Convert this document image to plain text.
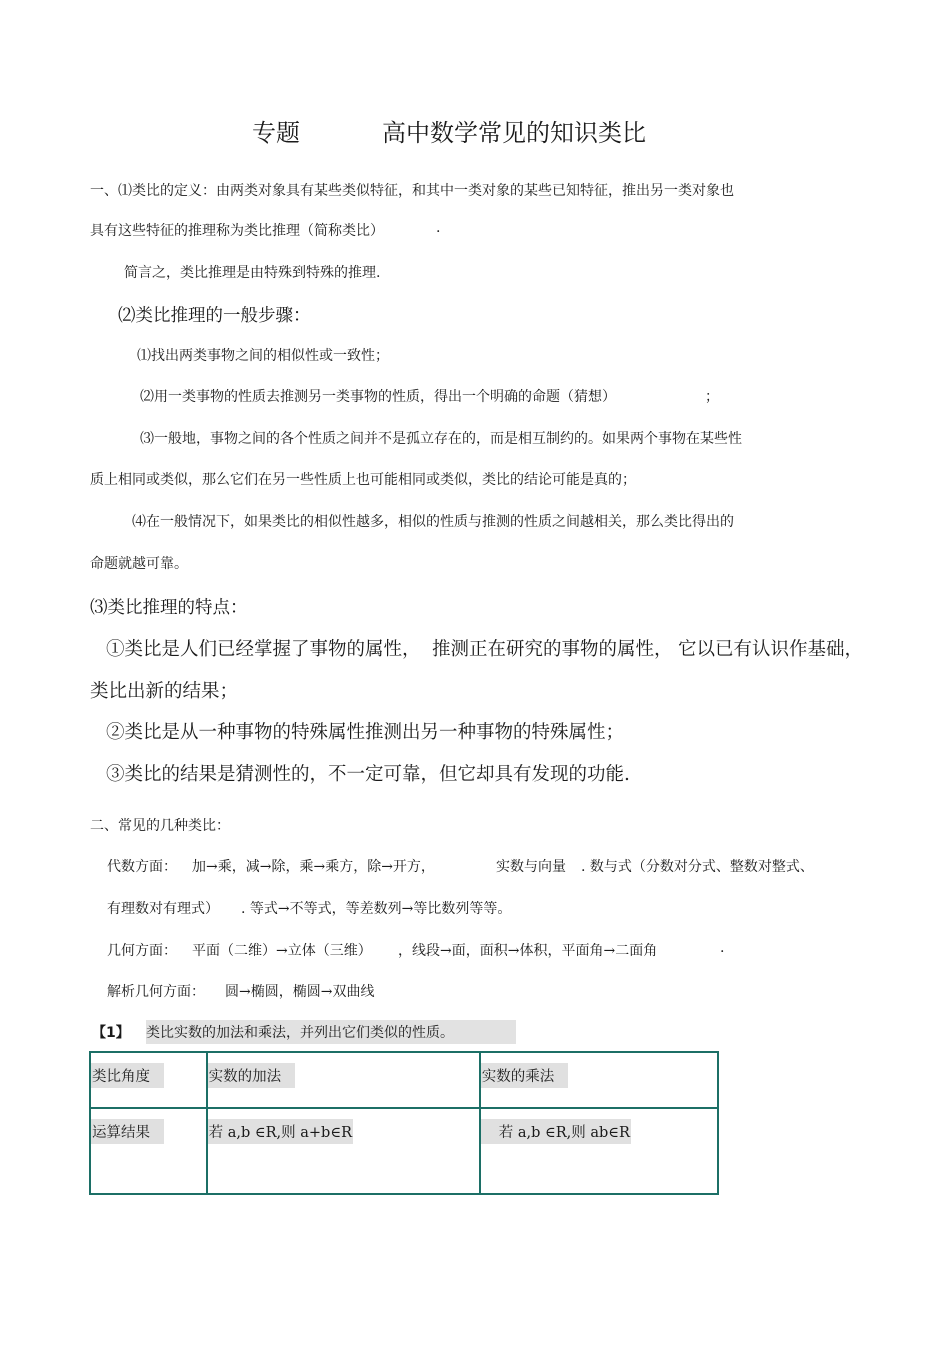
专题	高中数学常见的知识类比
一、⑴类比的定义：由两类对象具有某些类似特征，和其中一类对象的某些已知特征，推出另一类对象也
具有这些特征的推理称为类比推理（简称类比）	.
简言之，类比推理是由特殊到特殊的推理.
⑵类比推理的一般步骤：
⑴找出两类事物之间的相似性或一致性；
⑵用一类事物的性质去推测另一类事物的性质，得出一个明确的命题（猜想）	；
⑶一般地，事物之间的各个性质之间并不是孤立存在的，而是相互制约的。如果两个事物在某些性
质上相同或类似，那么它们在另一些性质上也可能相同或类似，类比的结论可能是真的；
⑷在一般情况下，如果类比的相似性越多，相似的性质与推测的性质之间越相关，那么类比得出的
命题就越可靠。
⑶类比推理的特点：
①类比是人们已经掌握了事物的属性， 推测正在研究的事物的属性， 它以已有认识作基础，
类比出新的结果；
②类比是从一种事物的特殊属性推测出另一种事物的特殊属性；
③类比的结果是猜测性的，不一定可靠，但它却具有发现的功能.
二、常见的几种类比：
代数方面： 加→乘，减→除，乘→乘方，除→开方，	实数与向量 . 数与式（分数对分式、整数对整式、
有理数对有理式） . 等式→不等式，等差数列→等比数列等等。
几何方面： 平面（二维）→立体（三维） ，线段→面，面积→体积，平面角→二面角	.
解析几何方面： 圆→椭圆，椭圆→双曲线
【1】 类比实数的加法和乘法，并列出它们类似的性质。
类比角度	实数的加法	实数的乘法
运算结果	若 a,b ∈R,则 a+b∈R	若 a,b ∈R,则 ab∈R
